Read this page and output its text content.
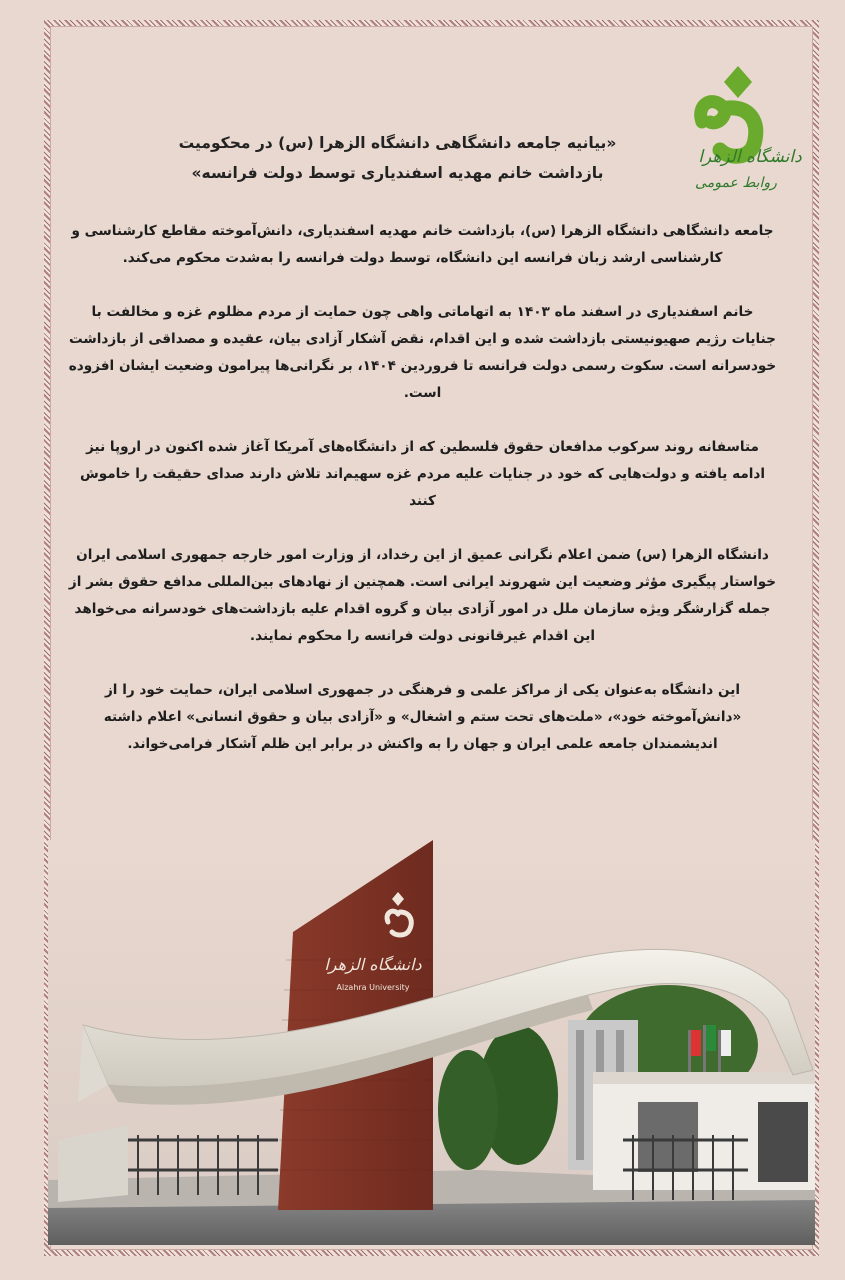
دانشگاه الزهرا
روابط عمومی
«بیانیه جامعه دانشگاهی دانشگاه الزهرا (س) در محکومیت
بازداشت خانم مهدیه اسفندیاری توسط دولت فرانسه»

جامعه دانشگاهی دانشگاه الزهرا (س)، بازداشت خانم مهدیه اسفندیاری، دانش‌آموخته مقاطع کارشناسی و کارشناسی ارشد زبان فرانسه این دانشگاه، توسط دولت فرانسه را به‌شدت محکوم می‌کند.

خانم اسفندیاری در اسفند ماه ۱۴۰۳ به اتهاماتی واهی چون حمایت از مردم مظلوم غزه و مخالفت با جنایات رژیم صهیونیستی بازداشت شده و این اقدام، نقض آشکار آزادی بیان، عقیده و مصداقی از بازداشت خودسرانه است. سکوت رسمی دولت فرانسه تا فروردین ۱۴۰۴، بر نگرانی‌ها پیرامون وضعیت ایشان افزوده است.

متاسفانه روند سرکوب مدافعان حقوق فلسطین که از دانشگاه‌های آمریکا آغاز شده اکنون در اروپا نیز ادامه یافته و دولت‌هایی که خود در جنایات علیه مردم غزه سهیم‌اند تلاش دارند صدای حقیقت را خاموش کنند

دانشگاه الزهرا (س) ضمن اعلام نگرانی عمیق از این رخداد، از وزارت امور خارجه جمهوری اسلامی ایران خواستار پیگیری مؤثر وضعیت این شهروند ایرانی است. همچنین از نهادهای بین‌المللی مدافع حقوق بشر از جمله گزارشگر ویژه سازمان ملل در امور آزادی بیان و گروه اقدام علیه بازداشت‌های خودسرانه می‌خواهد این اقدام غیرقانونی دولت فرانسه را محکوم نمایند.

این دانشگاه به‌عنوان یکی از مراکز علمی و فرهنگی در جمهوری اسلامی ایران، حمایت خود را از «دانش‌آموخته خود»، «ملت‌های تحت ستم و اشغال» و «آزادی بیان و حقوق انسانی» اعلام داشته اندیشمندان جامعه علمی ایران و جهان را به واکنش در برابر این ظلم آشکار فرامی‌خواند.

دانشگاه الزهرا
Alzahra University
